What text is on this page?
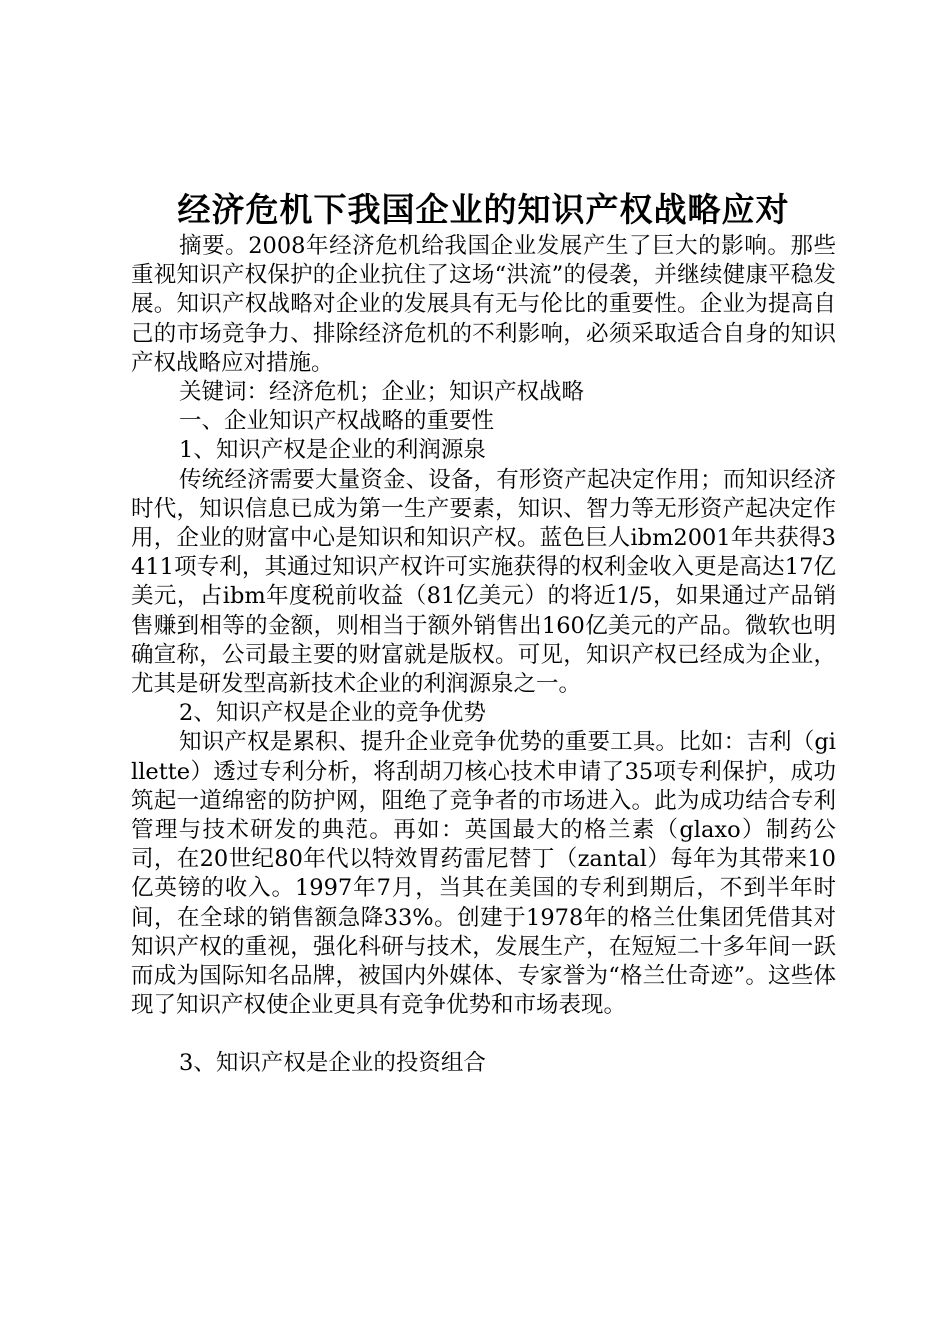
经济危机下我国企业的知识产权战略应对

摘要。2008年经济危机给我国企业发展产生了巨大的影响。那些重视知识产权保护的企业抗住了这场“洪流”的侵袭，并继续健康平稳发展。知识产权战略对企业的发展具有无与伦比的重要性。企业为提高自己的市场竞争力、排除经济危机的不利影响，必须采取适合自身的知识产权战略应对措施。

关键词：经济危机；企业；知识产权战略

一、企业知识产权战略的重要性

1、知识产权是企业的利润源泉

传统经济需要大量资金、设备，有形资产起决定作用；而知识经济时代，知识信息已成为第一生产要素，知识、智力等无形资产起决定作用，企业的财富中心是知识和知识产权。蓝色巨人ibm2001年共获得3411项专利，其通过知识产权许可实施获得的权利金收入更是高达17亿美元，占ibm年度税前收益（81亿美元）的将近1/5，如果通过产品销售赚到相等的金额，则相当于额外销售出160亿美元的产品。微软也明确宣称，公司最主要的财富就是版权。可见，知识产权已经成为企业，尤其是研发型高新技术企业的利润源泉之一。

2、知识产权是企业的竞争优势

知识产权是累积、提升企业竞争优势的重要工具。比如：吉利（gillette）透过专利分析，将刮胡刀核心技术申请了35项专利保护，成功筑起一道绵密的防护网，阻绝了竞争者的市场进入。此为成功结合专利管理与技术研发的典范。再如：英国最大的格兰素（glaxo）制药公司，在20世纪80年代以特效胃药雷尼替丁（zantal）每年为其带来10亿英镑的收入。1997年7月，当其在美国的专利到期后，不到半年时间，在全球的销售额急降33%。创建于1978年的格兰仕集团凭借其对知识产权的重视，强化科研与技术，发展生产，在短短二十多年间一跃而成为国际知名品牌，被国内外媒体、专家誉为“格兰仕奇迹”。这些体现了知识产权使企业更具有竞争优势和市场表现。

3、知识产权是企业的投资组合
